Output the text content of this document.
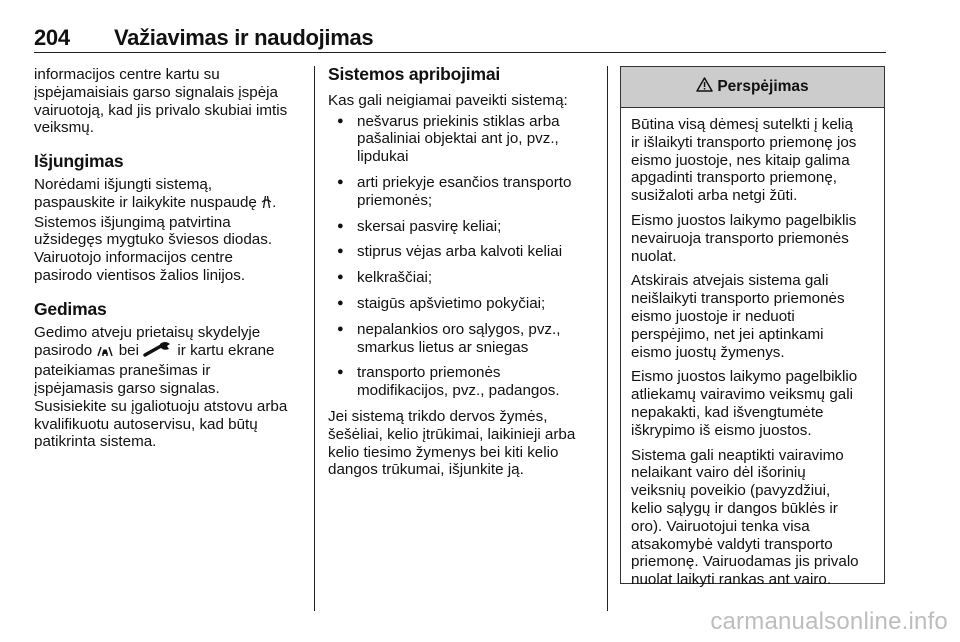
204 Važiavimas ir naudojimas
informacijos centre kartu su
įspėjamaisiais garso signalais įspėja
vairuotoją, kad jis privalo skubiai imtis
veiksmų.
Išjungimas
Norėdami išjungti sistemą,
paspauskite ir laikykite nuspaudę .
Sistemos išjungimą patvirtina
užsidegęs mygtuko šviesos diodas.
Vairuotojo informacijos centre
pasirodo vientisos žalios linijos.
Gedimas
Gedimo atveju prietaisų skydelyje
pasirodo  bei  ir kartu ekrane
pateikiamas pranešimas ir
įspėjamasis garso signalas.
Susisiekite su įgaliotuoju atstovu arba
kvalifikuotu autoservisu, kad būtų
patikrinta sistema.
Sistemos apribojimai
Kas gali neigiamai paveikti sistemą:
● nešvarus priekinis stiklas arba
pašaliniai objektai ant jo, pvz.,
lipdukai
● arti priekyje esančios transporto
priemonės;
● skersai pasvirę keliai;
● stiprus vėjas arba kalvoti keliai
● kelkraščiai;
● staigūs apšvietimo pokyčiai;
● nepalankios oro sąlygos, pvz.,
smarkus lietus ar sniegas
● transporto priemonės
modifikacijos, pvz., padangos.
Jei sistemą trikdo dervos žymės,
šešėliai, kelio įtrūkimai, laikinieji arba
kelio tiesimo žymenys bei kiti kelio
dangos trūkumai, išjunkite ją.
Perspėjimas
Būtina visą dėmesį sutelkti į kelią
ir išlaikyti transporto priemonę jos
eismo juostoje, nes kitaip galima
apgadinti transporto priemonę,
susižaloti arba netgi žūti.
Eismo juostos laikymo pagelbiklis
nevairuoja transporto priemonės
nuolat.
Atskirais atvejais sistema gali
neišlaikyti transporto priemonės
eismo juostoje ir neduoti
perspėjimo, net jei aptinkami
eismo juostų žymenys.
Eismo juostos laikymo pagelbiklio
atliekamų vairavimo veiksmų gali
nepakakti, kad išvengtumėte
iškrypimo iš eismo juostos.
Sistema gali neaptikti vairavimo
nelaikant vairo dėl išorinių
veiksnių poveikio (pavyzdžiui,
kelio sąlygų ir dangos būklės ir
oro). Vairuotojui tenka visa
atsakomybė valdyti transporto
priemonę. Vairuodamas jis privalo
nuolat laikyti rankas ant vairo.
carmanualsonline.info
